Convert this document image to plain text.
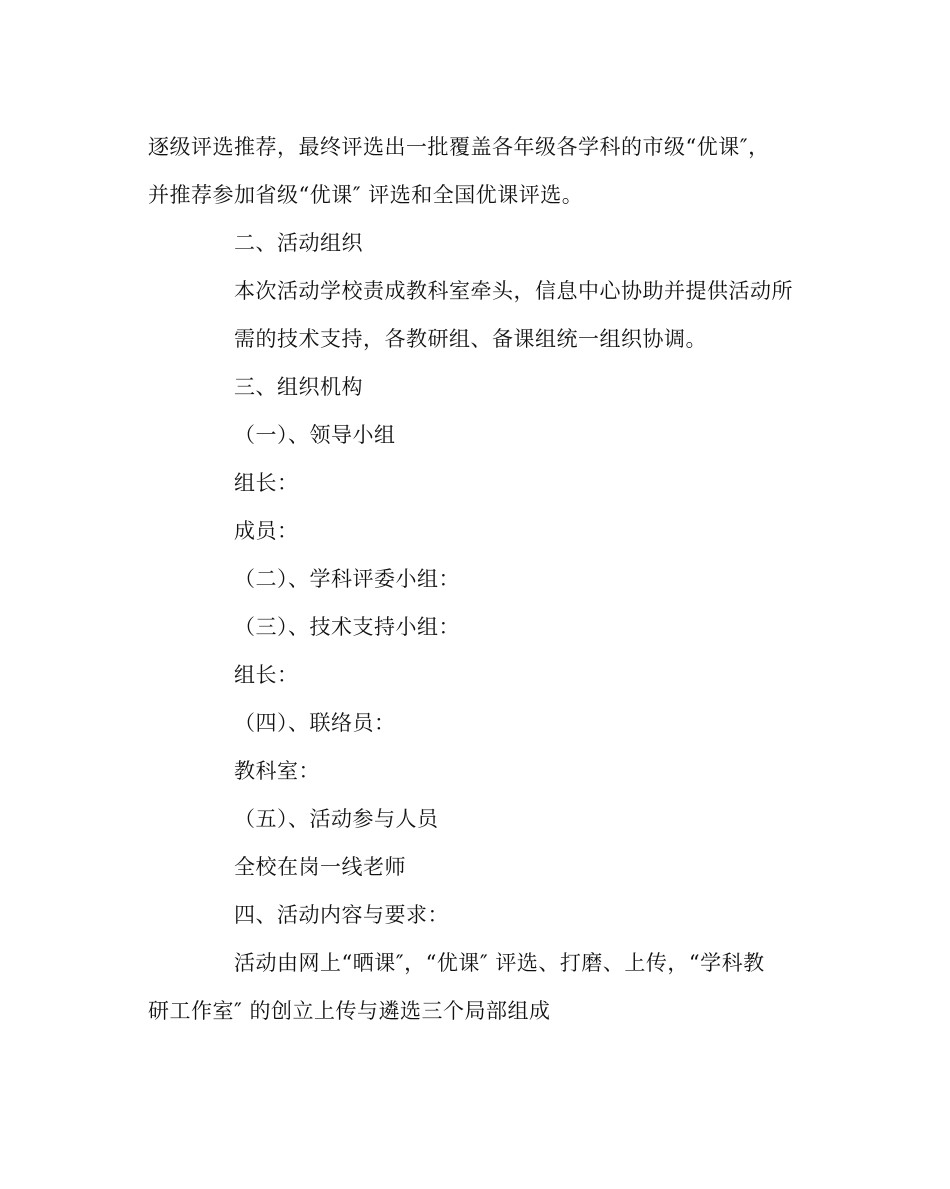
逐级评选推荐，最终评选出一批覆盖各年级各学科的市级“优课″，
并推荐参加省级“优课″ 评选和全国优课评选。
二、活动组织
本次活动学校责成教科室牵头，信息中心协助并提供活动所
需的技术支持，各教研组、备课组统一组织协调。
三、组织机构
（一）、领导小组
组长：
成员：
（二）、学科评委小组：
（三）、技术支持小组：
组长：
（四）、联络员：
教科室：
（五）、活动参与人员
全校在岗一线老师
四、活动内容与要求：
活动由网上“晒课″，“优课″ 评选、打磨、上传，“学科教
研工作室″ 的创立上传与遴选三个局部组成
